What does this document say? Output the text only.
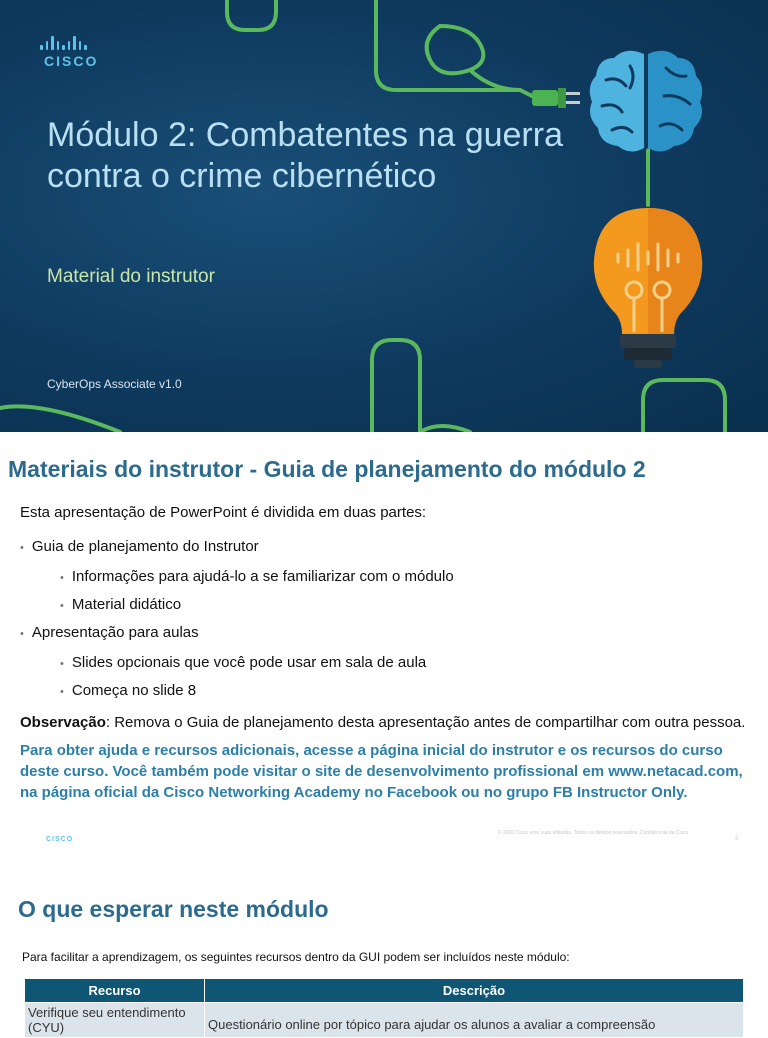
CISCO
Módulo 2: Combatentes na guerra contra o crime cibernético
Material do instrutor
CyberOps Associate v1.0
Materiais do instrutor - Guia de planejamento do módulo 2
Esta apresentação de PowerPoint é dividida em duas partes:
• Guia de planejamento do Instrutor
• Informações para ajudá-lo a se familiarizar com o módulo
• Material didático
• Apresentação para aulas
• Slides opcionais que você pode usar em sala de aula
• Começa no slide 8
Observação: Remova o Guia de planejamento desta apresentação antes de compartilhar com outra pessoa.
Para obter ajuda e recursos adicionais, acesse a página inicial do instrutor e os recursos do curso deste curso. Você também pode visitar o site de desenvolvimento profissional em www.netacad.com, na página oficial da Cisco Networking Academy no Facebook ou no grupo FB Instructor Only.
CISCO
© 2020 Cisco e/ou suas afiliadas. Todos os direitos reservados. Confidencial da Cisco
2
O que esperar neste módulo
Para facilitar a aprendizagem, os seguintes recursos dentro da GUI podem ser incluídos neste módulo:
Recurso	Descrição
Verifique seu entendimento (CYU)	Questionário online por tópico para ajudar os alunos a avaliar a compreensão
